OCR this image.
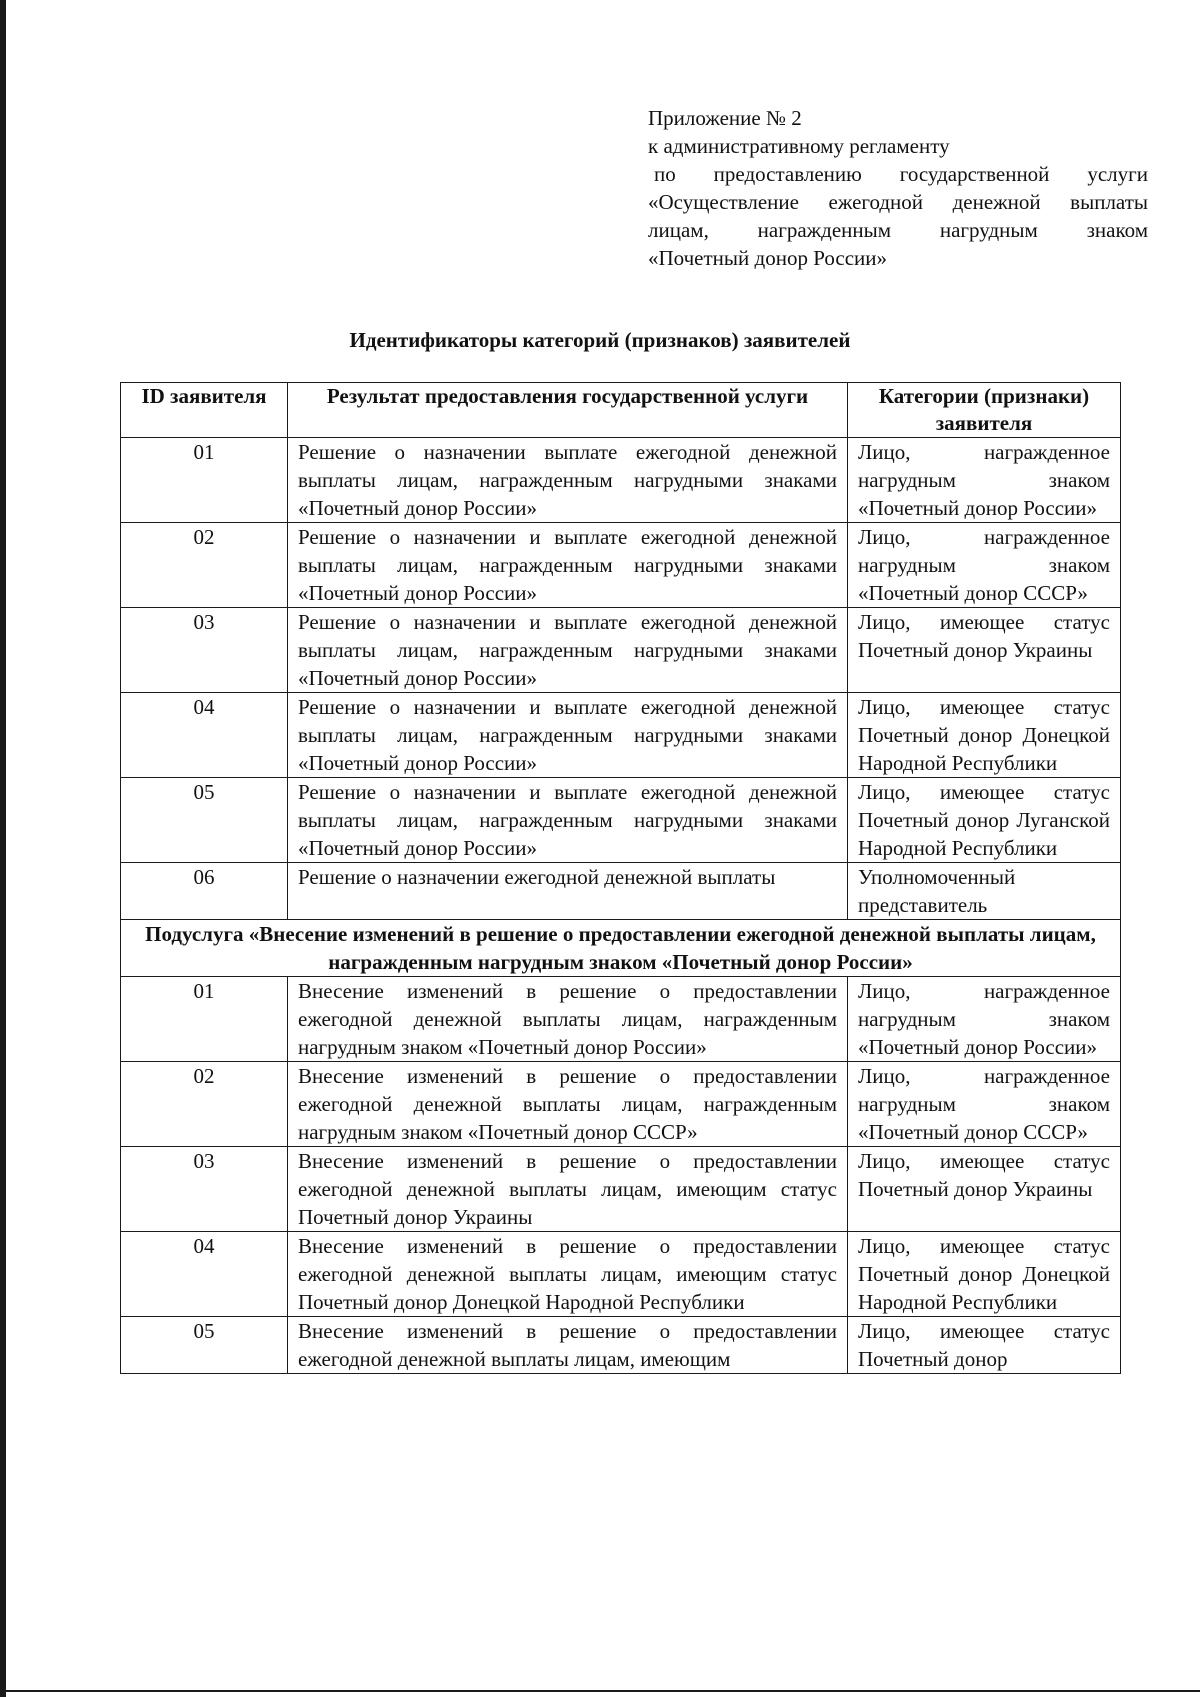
Приложение № 2
к административному регламенту
по предоставлению государственной услуги
«Осуществление ежегодной денежной выплаты
лицам, награжденным нагрудным знаком
«Почетный донор России»
Идентификаторы категорий (признаков) заявителей
ID заявителя	Результат предоставления государственной услуги	Категории (признаки) заявителя
01	Решение о назначении выплате ежегодной денежной выплаты лицам, награжденным нагрудными знаками «Почетный донор России»	Лицо, награжденное нагрудным знаком «Почетный донор России»
02	Решение о назначении и выплате ежегодной денежной выплаты лицам, награжденным нагрудными знаками «Почетный донор России»	Лицо, награжденное нагрудным знаком «Почетный донор СССР»
03	Решение о назначении и выплате ежегодной денежной выплаты лицам, награжденным нагрудными знаками «Почетный донор России»	Лицо, имеющее статус Почетный донор Украины
04	Решение о назначении и выплате ежегодной денежной выплаты лицам, награжденным нагрудными знаками «Почетный донор России»	Лицо, имеющее статус Почетный донор Донецкой Народной Республики
05	Решение о назначении и выплате ежегодной денежной выплаты лицам, награжденным нагрудными знаками «Почетный донор России»	Лицо, имеющее статус Почетный донор Луганской Народной Республики
06	Решение о назначении ежегодной денежной выплаты	Уполномоченный представитель
Подуслуга «Внесение изменений в решение о предоставлении ежегодной денежной выплаты лицам, награжденным нагрудным знаком «Почетный донор России»		
01	Внесение изменений в решение о предоставлении ежегодной денежной выплаты лицам, награжденным нагрудным знаком «Почетный донор России»	Лицо, награжденное нагрудным знаком «Почетный донор России»
02	Внесение изменений в решение о предоставлении ежегодной денежной выплаты лицам, награжденным нагрудным знаком «Почетный донор СССР»	Лицо, награжденное нагрудным знаком «Почетный донор СССР»
03	Внесение изменений в решение о предоставлении ежегодной денежной выплаты лицам, имеющим статус Почетный донор Украины	Лицо, имеющее статус Почетный донор Украины
04	Внесение изменений в решение о предоставлении ежегодной денежной выплаты лицам, имеющим статус Почетный донор Донецкой Народной Республики	Лицо, имеющее статус Почетный донор Донецкой Народной Республики
05	Внесение изменений в решение о предоставлении ежегодной денежной выплаты лицам, имеющим	Лицо, имеющее статус Почетный донор
